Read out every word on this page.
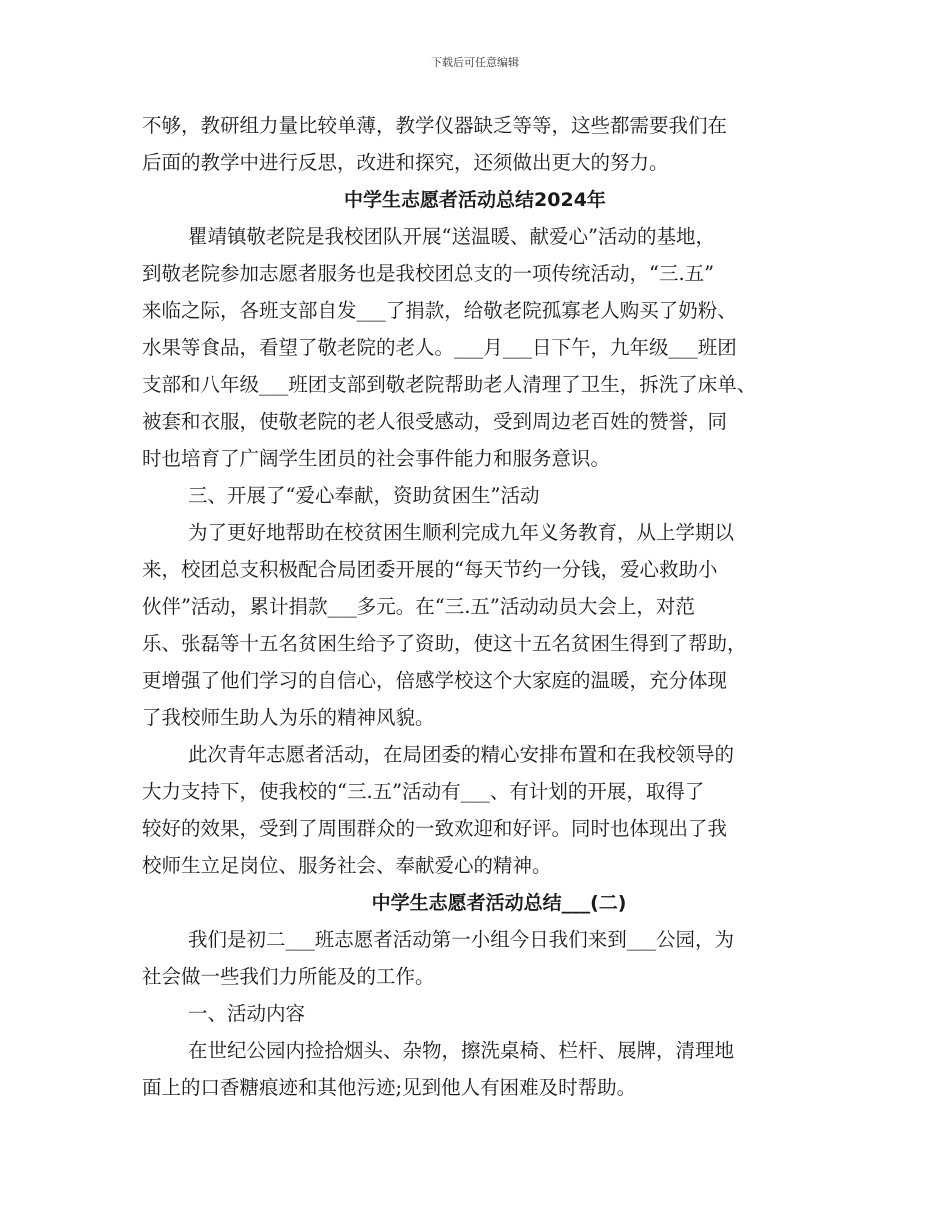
下载后可任意编辑

不够，教研组力量比较单薄，教学仪器缺乏等等，这些都需要我们在

后面的教学中进行反思，改进和探究，还须做出更大的努力。

中学生志愿者活动总结2024年

瞿靖镇敬老院是我校团队开展“送温暖、献爱心”活动的基地，

到敬老院参加志愿者服务也是我校团总支的一项传统活动，“三.五”

来临之际，各班支部自发___了捐款，给敬老院孤寡老人购买了奶粉、

水果等食品，看望了敬老院的老人。___月___日下午，九年级___班团

支部和八年级___班团支部到敬老院帮助老人清理了卫生，拆洗了床单、

被套和衣服，使敬老院的老人很受感动，受到周边老百姓的赞誉，同

时也培育了广阔学生团员的社会事件能力和服务意识。

三、开展了“爱心奉献，资助贫困生”活动

为了更好地帮助在校贫困生顺利完成九年义务教育，从上学期以

来，校团总支积极配合局团委开展的“每天节约一分钱，爱心救助小

伙伴”活动，累计捐款___多元。在“三.五”活动动员大会上，对范

乐、张磊等十五名贫困生给予了资助，使这十五名贫困生得到了帮助，

更增强了他们学习的自信心，倍感学校这个大家庭的温暖，充分体现

了我校师生助人为乐的精神风貌。

此次青年志愿者活动，在局团委的精心安排布置和在我校领导的

大力支持下，使我校的“三.五”活动有___、有计划的开展，取得了

较好的效果，受到了周围群众的一致欢迎和好评。同时也体现出了我

校师生立足岗位、服务社会、奉献爱心的精神。

中学生志愿者活动总结___(二)

我们是初二___班志愿者活动第一小组今日我们来到___公园，为

社会做一些我们力所能及的工作。

一、活动内容

在世纪公园内捡拾烟头、杂物，擦洗桌椅、栏杆、展牌，清理地

面上的口香糖痕迹和其他污迹;见到他人有困难及时帮助。
